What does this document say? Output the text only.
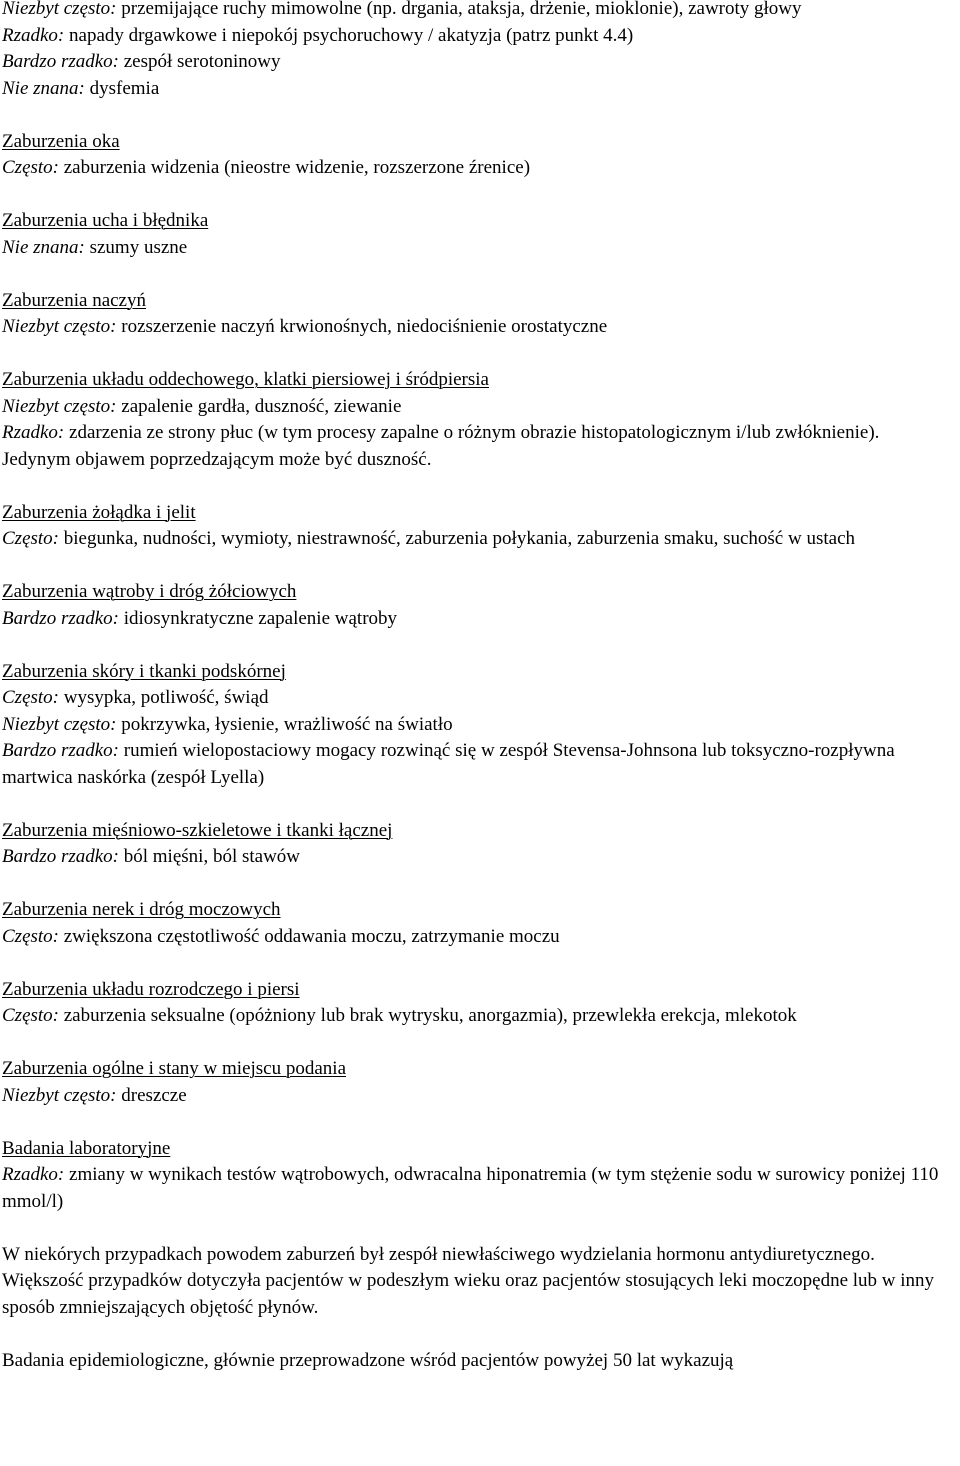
Niezbyt często: przemijające ruchy mimowolne (np. drgania, ataksja, drżenie, mioklonie), zawroty głowy

Rzadko: napady drgawkowe i niepokój psychoruchowy / akatyzja (patrz punkt 4.4)

Bardzo rzadko: zespół serotoninowy

Nie znana: dysfemia

Zaburzenia oka

Często: zaburzenia widzenia (nieostre widzenie, rozszerzone źrenice)

Zaburzenia ucha i błędnika

Nie znana: szumy uszne

Zaburzenia naczyń

Niezbyt często: rozszerzenie naczyń krwionośnych, niedociśnienie orostatyczne

Zaburzenia układu oddechowego, klatki piersiowej i śródpiersia

Niezbyt często: zapalenie gardła, duszność, ziewanie

Rzadko: zdarzenia ze strony płuc (w tym procesy zapalne o różnym obrazie histopatologicznym i/lub zwłóknienie). Jedynym objawem poprzedzającym może być duszność.

Zaburzenia żołądka i jelit

Często: biegunka, nudności, wymioty, niestrawność, zaburzenia połykania, zaburzenia smaku, suchość w ustach

Zaburzenia wątroby i dróg żółciowych

Bardzo rzadko: idiosynkratyczne zapalenie wątroby

Zaburzenia skóry i tkanki podskórnej

Często: wysypka, potliwość, świąd

Niezbyt często: pokrzywka, łysienie, wrażliwość na światło

Bardzo rzadko: rumień wielopostaciowy mogacy rozwinąć się w zespół Stevensa-Johnsona lub toksyczno-rozpływna martwica naskórka (zespół Lyella)

Zaburzenia mięśniowo-szkieletowe i tkanki łącznej

Bardzo rzadko: ból mięśni, ból stawów

Zaburzenia nerek i dróg moczowych

Często: zwiększona częstotliwość oddawania moczu, zatrzymanie moczu

Zaburzenia układu rozrodczego i piersi

Często: zaburzenia seksualne (opóżniony lub brak wytrysku, anorgazmia), przewlekła erekcja, mlekotok

Zaburzenia ogólne i stany w miejscu podania

Niezbyt często: dreszcze

Badania laboratoryjne

Rzadko: zmiany w wynikach testów wątrobowych, odwracalna hiponatremia (w tym stężenie sodu w surowicy poniżej 110 mmol/l)

W niekórych przypadkach powodem zaburzeń był zespół niewłaściwego wydzielania hormonu antydiuretycznego. Większość przypadków dotyczyła pacjentów w podeszłym wieku oraz pacjentów stosujących leki moczopędne lub w inny sposób zmniejszających objętość płynów.

Badania epidemiologiczne, głównie przeprowadzone wśród pacjentów powyżej 50 lat wykazują
